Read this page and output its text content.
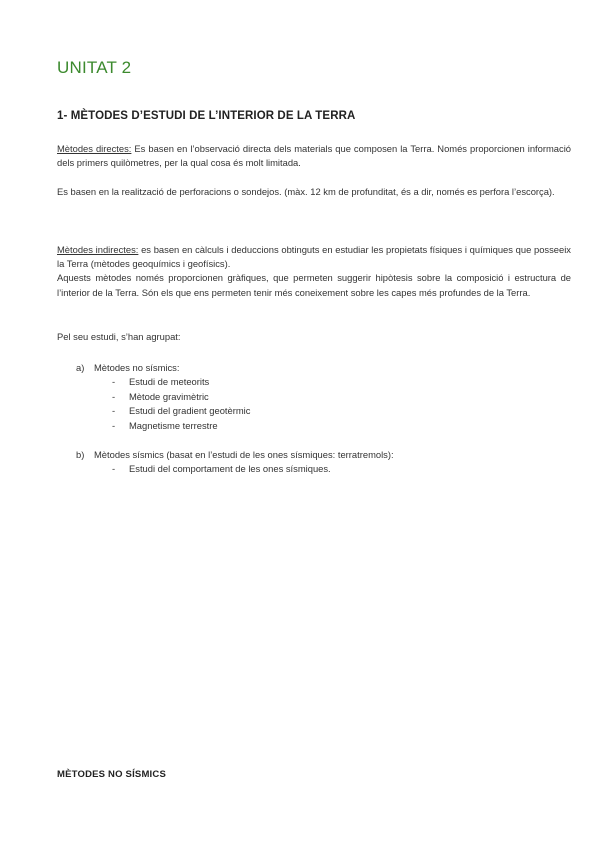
UNITAT 2
1- MÈTODES D’ESTUDI DE L’INTERIOR DE LA TERRA
Mètodes directes: Es basen en l’observació directa dels materials que composen la Terra. Només proporcionen informació dels primers quilòmetres, per la qual cosa és molt limitada.
Es basen en la realització de perforacions o sondejos. (màx. 12 km de profunditat, és a dir, només es perfora l’escorça).
Mètodes indirectes: es basen en càlculs i deduccions obtinguts en estudiar les propietats físiques i químiques que posseeix la Terra (mètodes geoquímics i geofísics).
Aquests mètodes només proporcionen gràfiques, que permeten suggerir hipòtesis sobre la composició i estructura de l’interior de la Terra. Són els que ens permeten tenir més coneixement sobre les capes més profundes de la Terra.
Pel seu estudi, s’han agrupat:
a) Mètodes no sísmics:
- Estudi de meteorits
- Mètode gravimètric
- Estudi del gradient geotèrmic
- Magnetisme terrestre
b) Mètodes sísmics (basat en l’estudi de les ones sísmiques: terratremols):
- Estudi del comportament de les ones sísmiques.
MÈTODES NO SÍSMICS
